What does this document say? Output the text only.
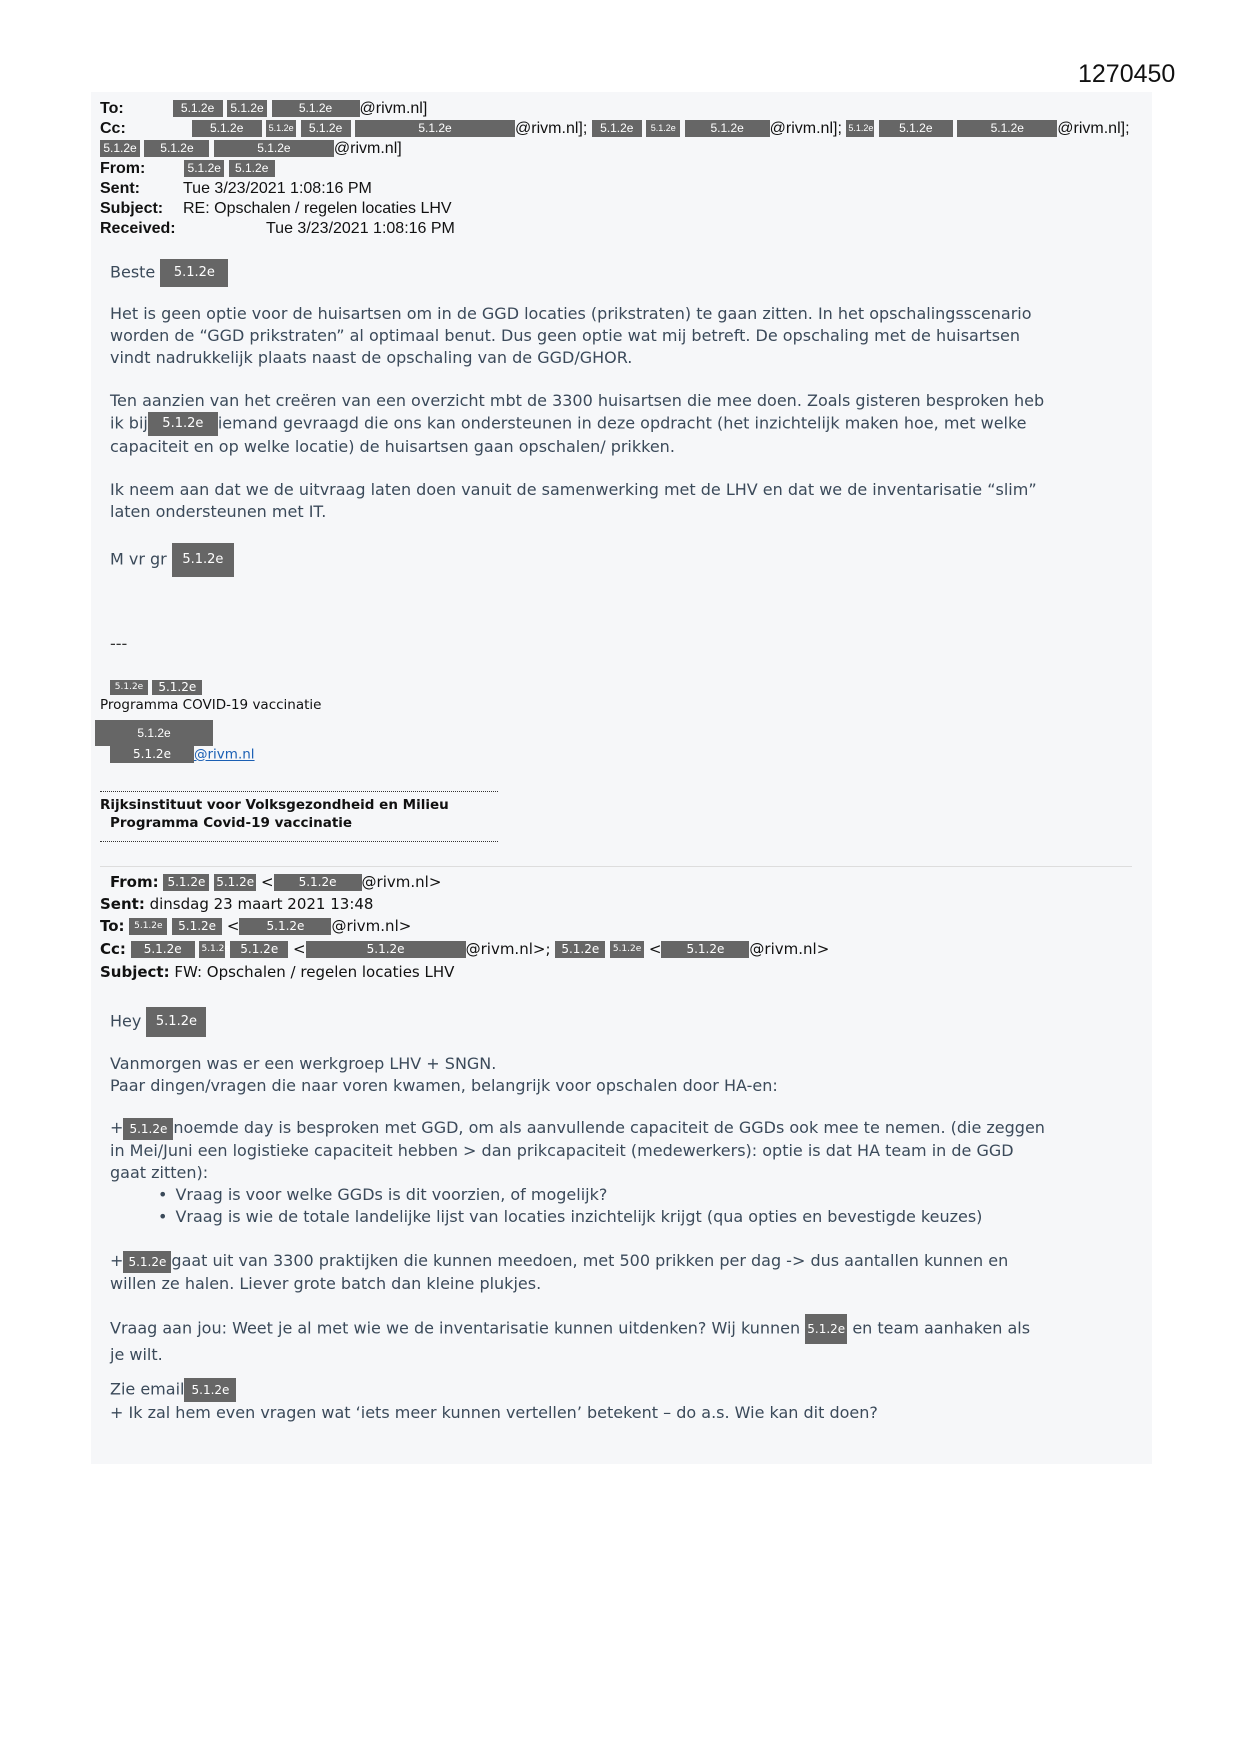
1270450
To:	5.1.2e 5.1.2e	5.1.2e @rivm.nl]
Cc:	5.1.2e	5.1.2e 5.1.2e	5.1.2e	@rivm.nl]; 5.1.2e 5.1.2e	5.1.2e @rivm.nl]; 5.1.2e 5.1.2e	5.1.2e @rivm.nl];
5.1.2e 5.1.2e	5.1.2e	@rivm.nl]
From:	5.1.2e 5.1.2e
Sent:	Tue 3/23/2021 1:08:16 PM
Subject: RE: Opschalen / regelen locaties LHV
Received:	Tue 3/23/2021 1:08:16 PM
Beste 5.1.2e
Het is geen optie voor de huisartsen om in de GGD locaties (prikstraten) te gaan zitten. In het opschalingsscenario
worden de “GGD prikstraten” al optimaal benut. Dus geen optie wat mij betreft. De opschaling met de huisartsen
vindt nadrukkelijk plaats naast de opschaling van de GGD/GHOR.
Ten aanzien van het creëren van een overzicht mbt de 3300 huisartsen die mee doen. Zoals gisteren besproken heb
ik bij 5.1.2e iemand gevraagd die ons kan ondersteunen in deze opdracht (het inzichtelijk maken hoe, met welke
capaciteit en op welke locatie) de huisartsen gaan opschalen/ prikken.
Ik neem aan dat we de uitvraag laten doen vanuit de samenwerking met de LHV en dat we de inventarisatie “slim”
laten ondersteunen met IT.
M vr gr 5.1.2e
---
5.1.2e 5.1.2e
Programma COVID-19 vaccinatie
5.1.2e
5.1.2e @rivm.nl
Rijksinstituut voor Volksgezondheid en Milieu
Programma Covid-19 vaccinatie
From: 5.1.2e 5.1.2e < 5.1.2e @rivm.nl>
Sent: dinsdag 23 maart 2021 13:48
To: 5.1.2e 5.1.2e < 5.1.2e @rivm.nl>
Cc: 5.1.2e 5.1.2e 5.1.2e <	5.1.2e	@rivm.nl>; 5.1.2e 5.1.2e < 5.1.2e @rivm.nl>
Subject: FW: Opschalen / regelen locaties LHV
Hey 5.1.2e
Vanmorgen was er een werkgroep LHV + SNGN.
Paar dingen/vragen die naar voren kwamen, belangrijk voor opschalen door HA-en:
+ 5.1.2e noemde day is besproken met GGD, om als aanvullende capaciteit de GGDs ook mee te nemen. (die zeggen
in Mei/Juni een logistieke capaciteit hebben > dan prikcapaciteit (medewerkers): optie is dat HA team in de GGD
gaat zitten):
• Vraag is voor welke GGDs is dit voorzien, of mogelijk?
• Vraag is wie de totale landelijke lijst van locaties inzichtelijk krijgt (qua opties en bevestigde keuzes)
+ 5.1.2e gaat uit van 3300 praktijken die kunnen meedoen, met 500 prikken per dag -> dus aantallen kunnen en
willen ze halen. Liever grote batch dan kleine plukjes.
Vraag aan jou: Weet je al met wie we de inventarisatie kunnen uitdenken? Wij kunnen 5.1.2e en team aanhaken als
je wilt.
Zie email 5.1.2e
+ Ik zal hem even vragen wat ‘iets meer kunnen vertellen’ betekent – do a.s. Wie kan dit doen?
